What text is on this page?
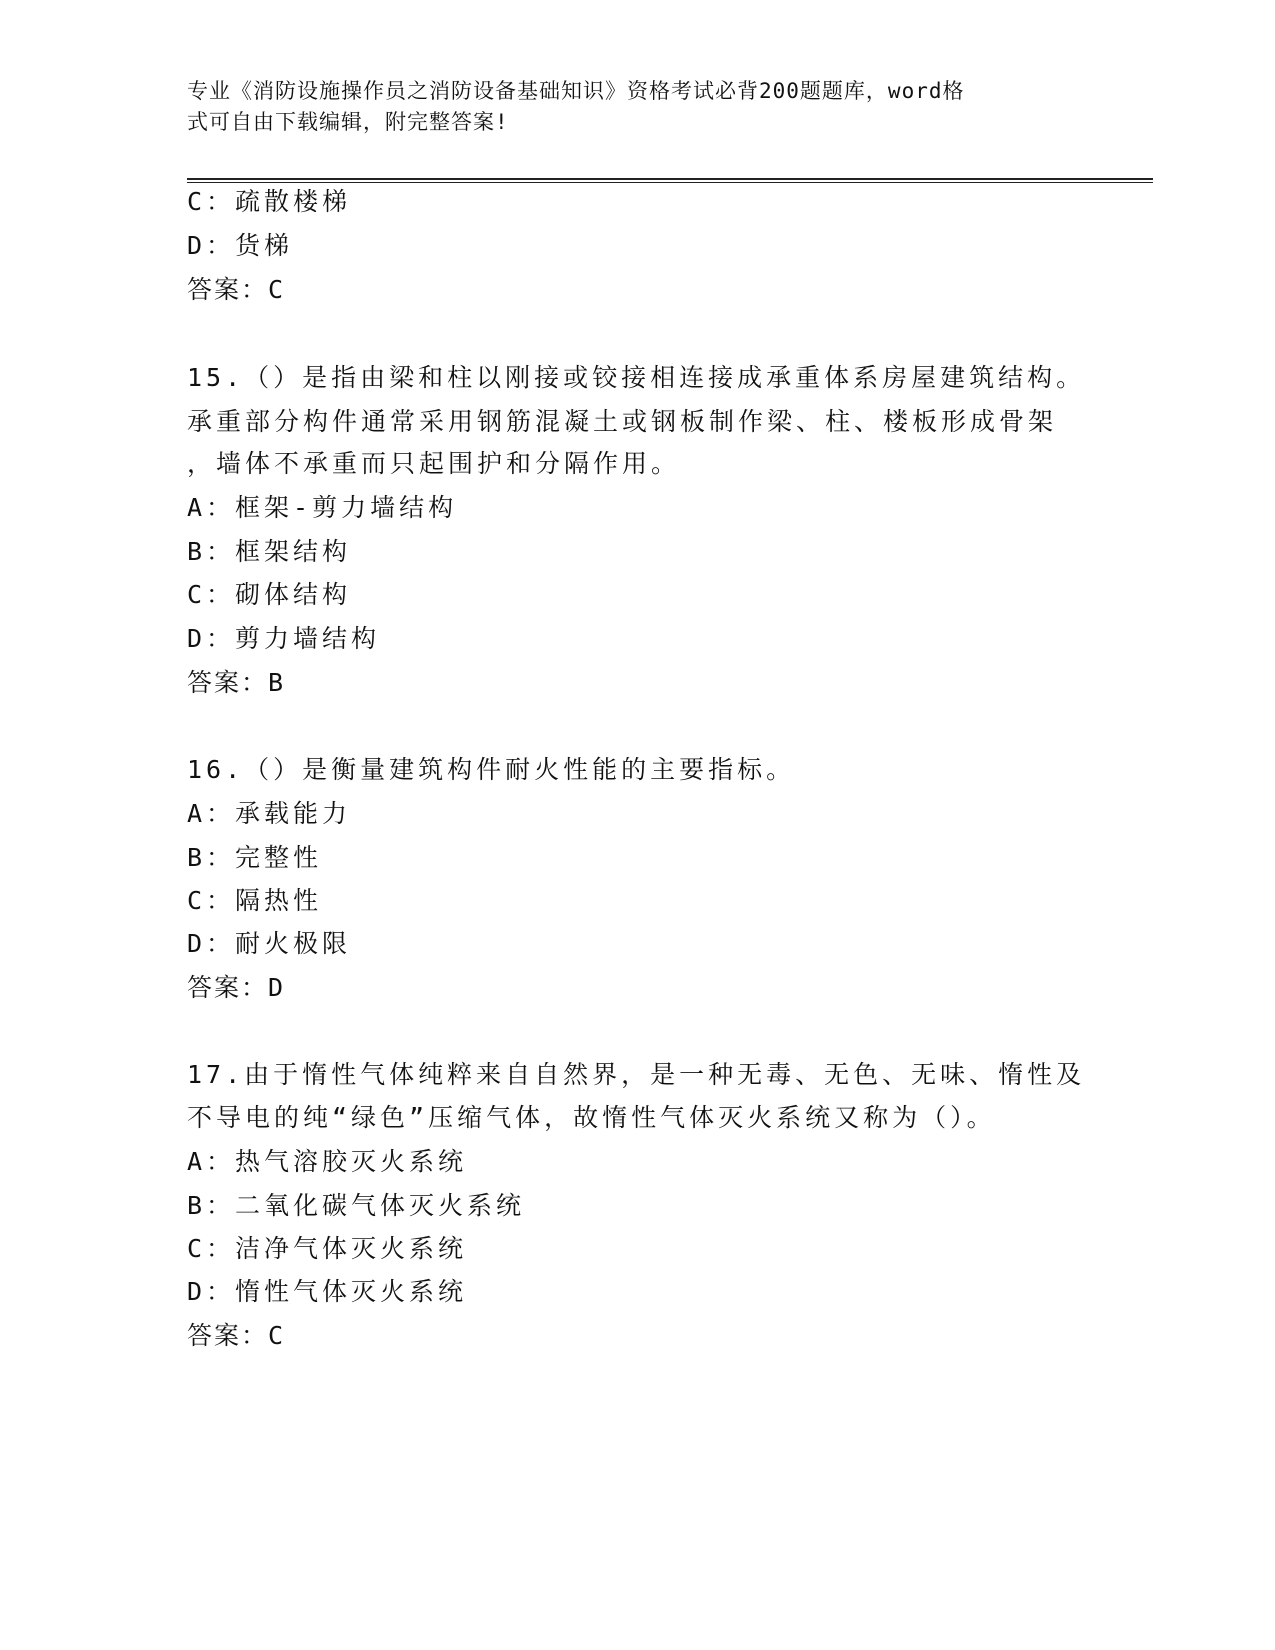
专业《消防设施操作员之消防设备基础知识》资格考试必背200题题库，word格
式可自由下载编辑，附完整答案!
C：疏散楼梯
D：货梯
答案：C
15.（）是指由梁和柱以刚接或铰接相连接成承重体系房屋建筑结构。
承重部分构件通常采用钢筋混凝土或钢板制作梁、柱、楼板形成骨架
，墙体不承重而只起围护和分隔作用。
A：框架-剪力墙结构
B：框架结构
C：砌体结构
D：剪力墙结构
答案：B
16.（）是衡量建筑构件耐火性能的主要指标。
A：承载能力
B：完整性
C：隔热性
D：耐火极限
答案：D
17.由于惰性气体纯粹来自自然界，是一种无毒、无色、无味、惰性及
不导电的纯“绿色”压缩气体，故惰性气体灭火系统又称为（）。
A：热气溶胶灭火系统
B：二氧化碳气体灭火系统
C：洁净气体灭火系统
D：惰性气体灭火系统
答案：C
